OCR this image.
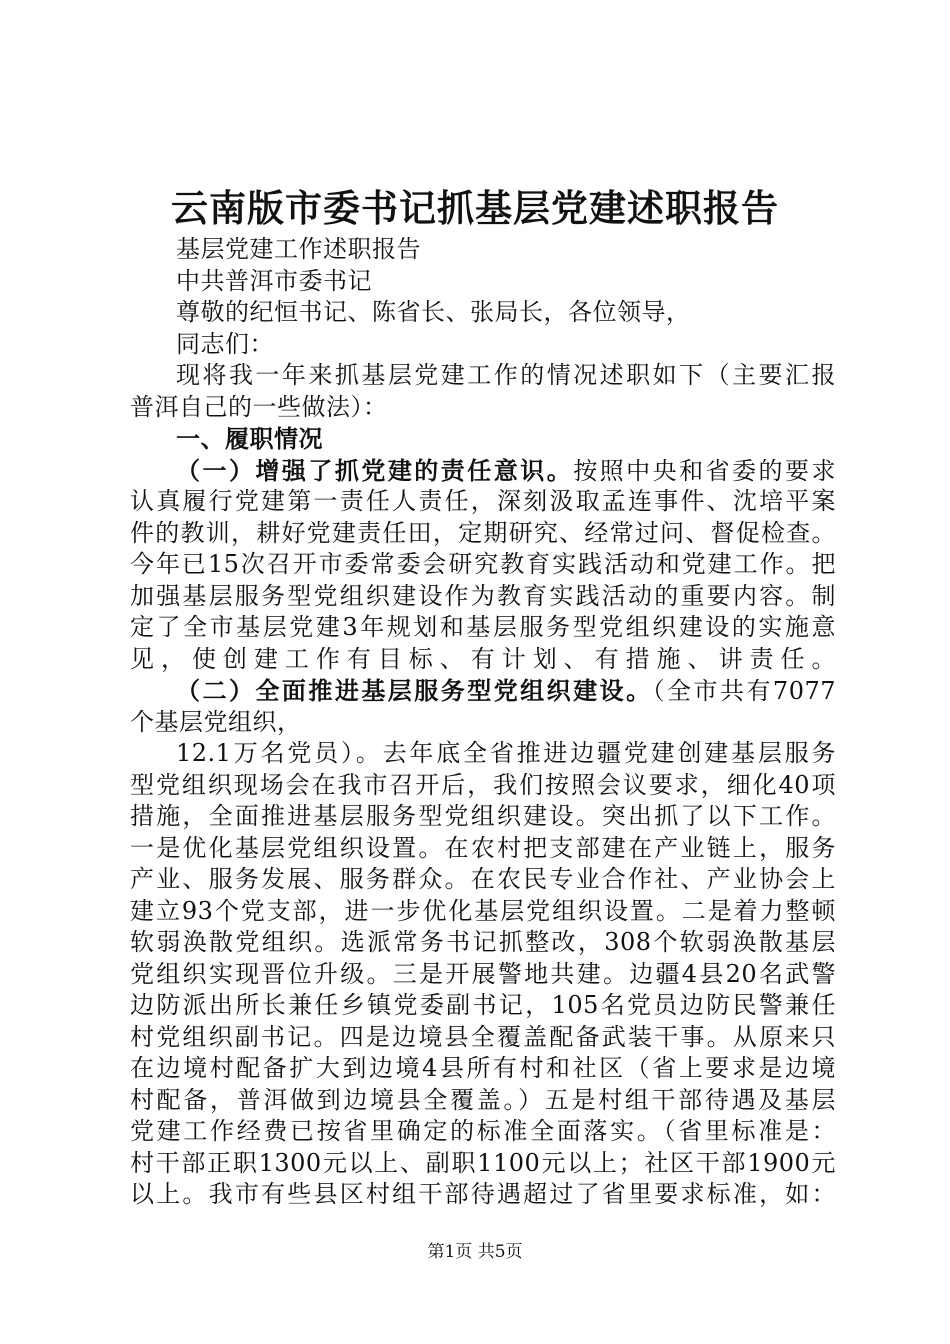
云南版市委书记抓基层党建述职报告
基层党建工作述职报告
中共普洱市委书记
尊敬的纪恒书记、陈省长、张局长，各位领导，
同志们：
现将我一年来抓基层党建工作的情况述职如下（主要汇报
普洱自己的一些做法）：
一、履职情况
（一）增强了抓党建的责任意识。按照中央和省委的要求
认真履行党建第一责任人责任，深刻汲取孟连事件、沈培平案
件的教训，耕好党建责任田，定期研究、经常过问、督促检查。
今年已15次召开市委常委会研究教育实践活动和党建工作。把
加强基层服务型党组织建设作为教育实践活动的重要内容。制
定了全市基层党建3年规划和基层服务型党组织建设的实施意
见，使创建工作有目标、有计划、有措施、讲责任。
（二）全面推进基层服务型党组织建设。（全市共有7077
个基层党组织，
12.1万名党员）。去年底全省推进边疆党建创建基层服务
型党组织现场会在我市召开后，我们按照会议要求，细化40项
措施，全面推进基层服务型党组织建设。突出抓了以下工作。
一是优化基层党组织设置。在农村把支部建在产业链上，服务
产业、服务发展、服务群众。在农民专业合作社、产业协会上
建立93个党支部，进一步优化基层党组织设置。二是着力整顿
软弱涣散党组织。选派常务书记抓整改，308个软弱涣散基层
党组织实现晋位升级。三是开展警地共建。边疆4县20名武警
边防派出所长兼任乡镇党委副书记，105名党员边防民警兼任
村党组织副书记。四是边境县全覆盖配备武装干事。从原来只
在边境村配备扩大到边境4县所有村和社区（省上要求是边境
村配备，普洱做到边境县全覆盖。）五是村组干部待遇及基层
党建工作经费已按省里确定的标准全面落实。（省里标准是：
村干部正职1300元以上、副职1100元以上；社区干部1900元
以上。我市有些县区村组干部待遇超过了省里要求标准，如：
第1页 共5页
